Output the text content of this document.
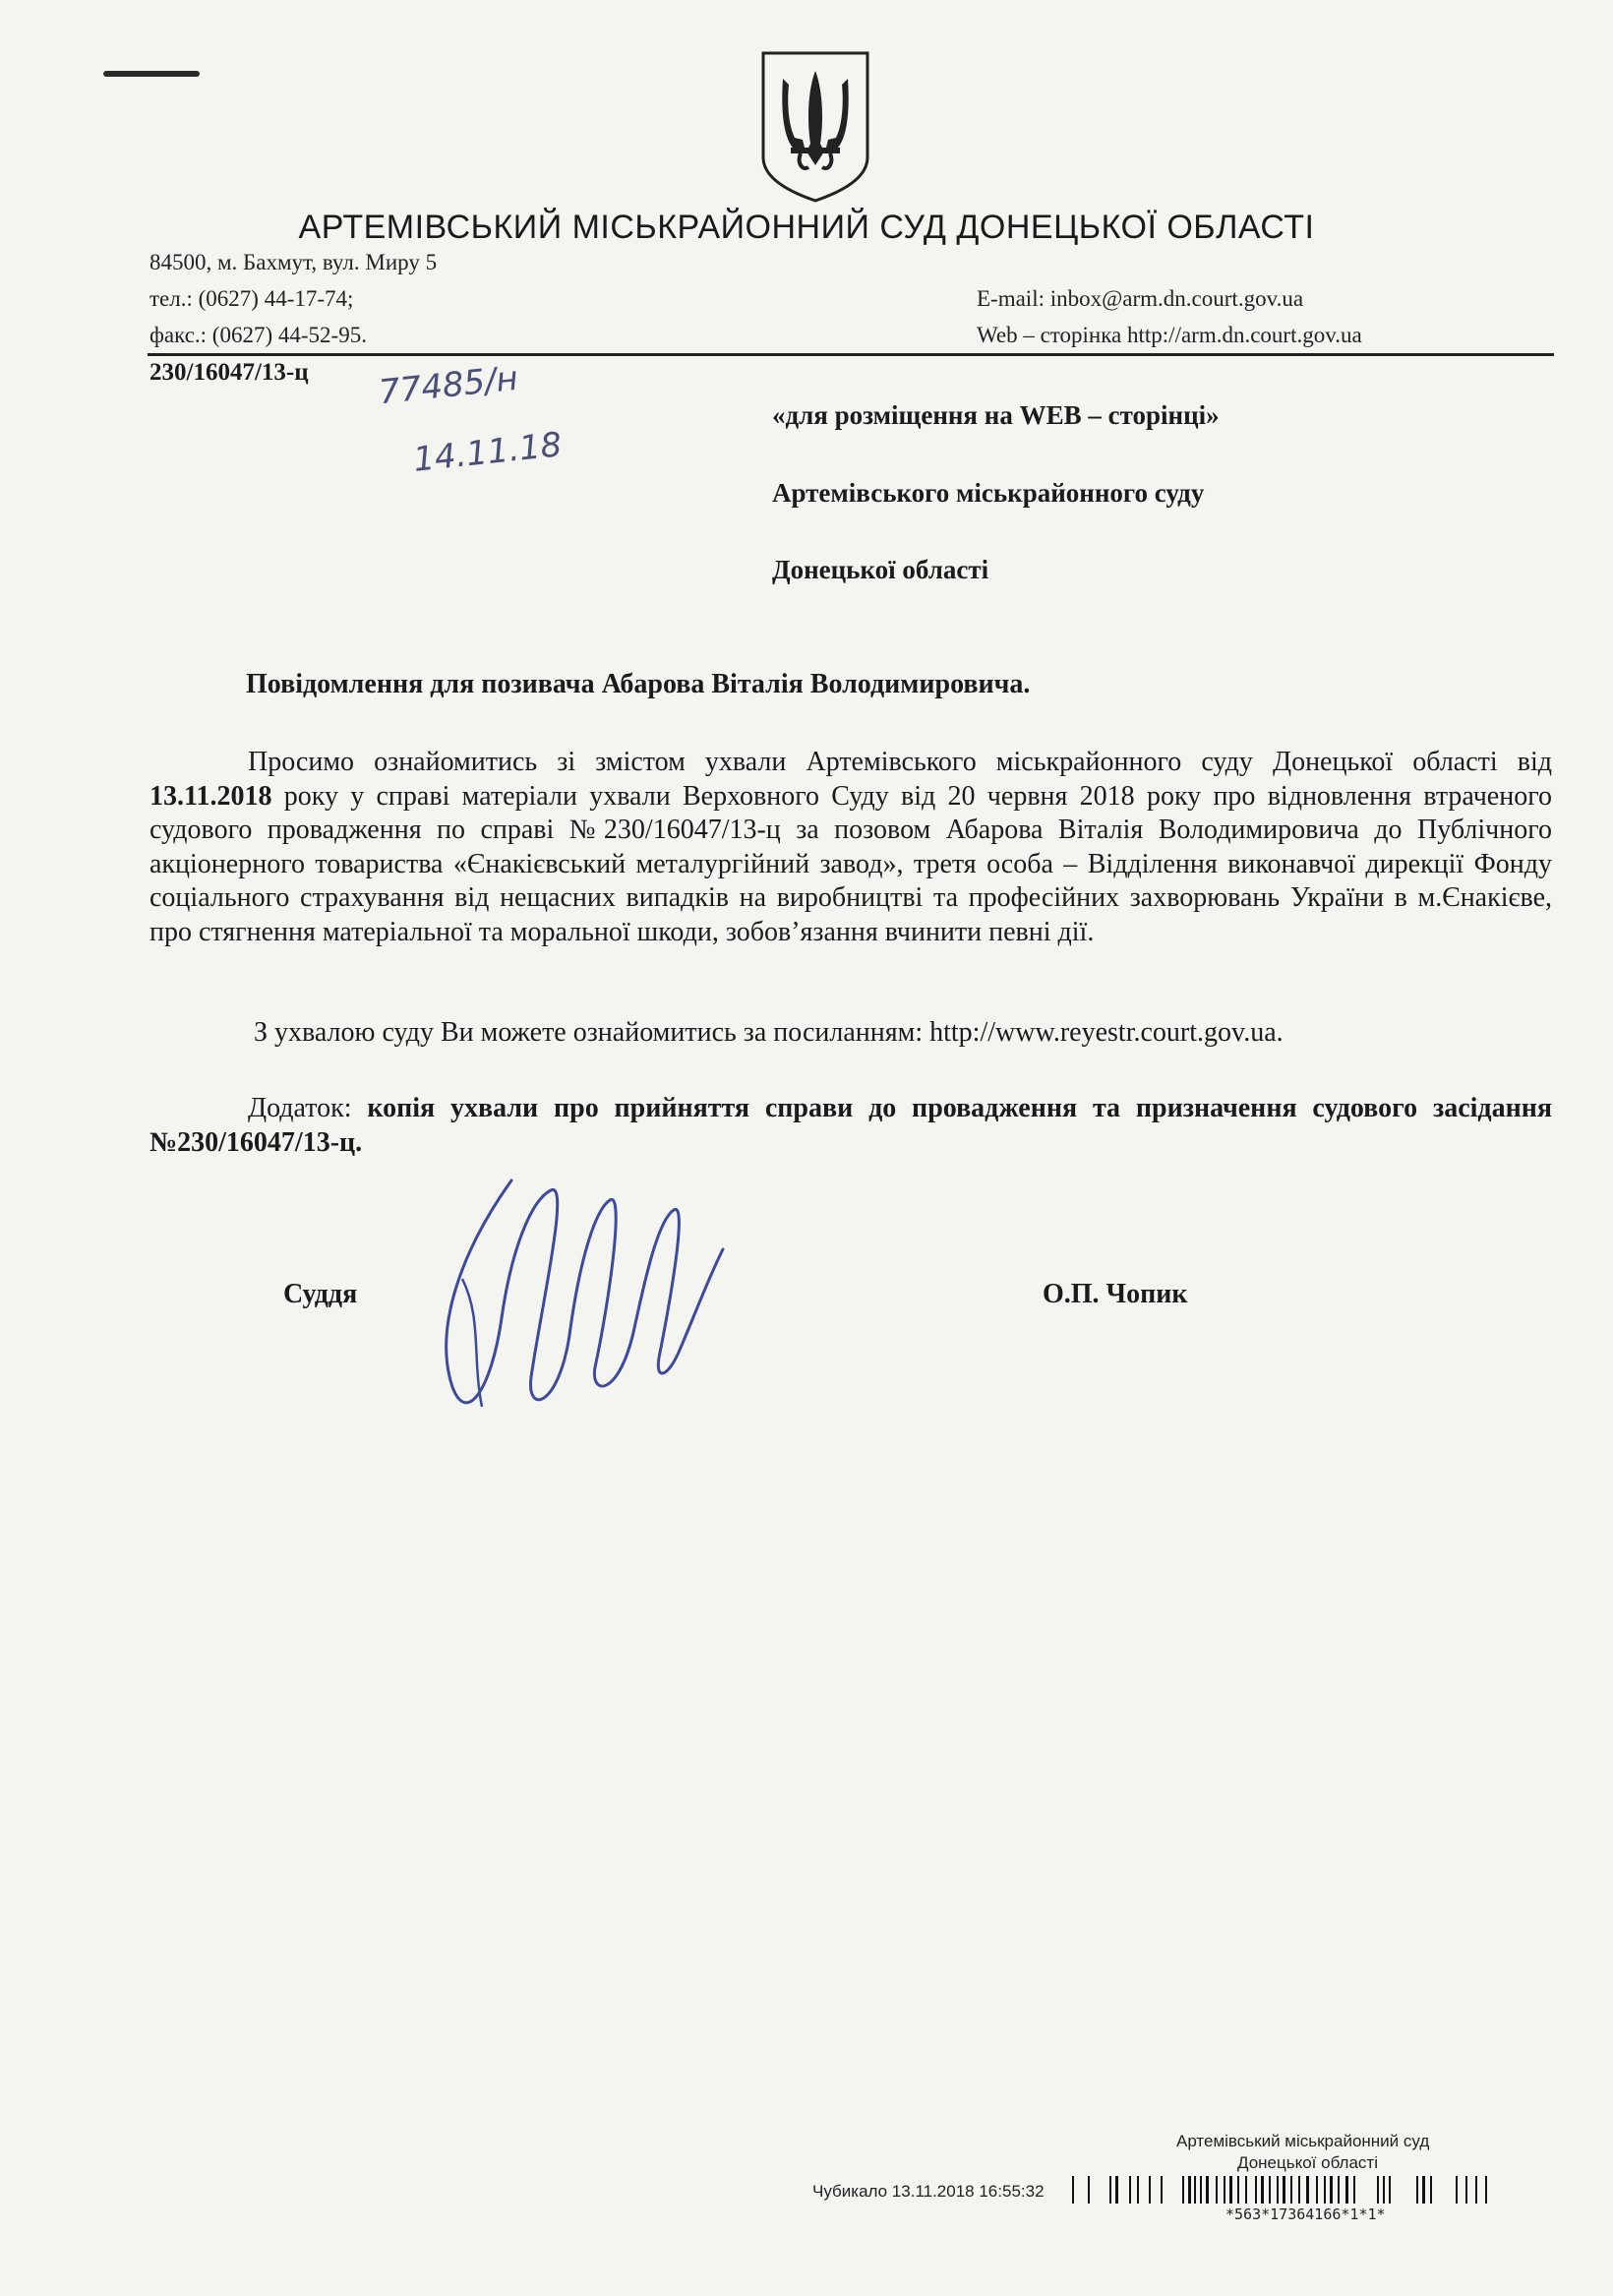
АРТЕМІВСЬКИЙ МІСЬКРАЙОННИЙ СУД ДОНЕЦЬКОЇ ОБЛАСТІ
84500, м. Бахмут, вул. Миру 5
тел.: (0627) 44-17-74;
факс.: (0627) 44-52-95.
E-mail: inbox@arm.dn.court.gov.ua
Web – сторінка http://arm.dn.court.gov.ua
230/16047/13-ц 77485/н
14.11.18
«для розміщення на WEB – сторінці»
Артемівського міськрайонного суду
Донецької області
Повідомлення для позивача Абарова Віталія Володимировича.
Просимо ознайомитись зі змістом ухвали Артемівського міськрайонного суду Донецької області від 13.11.2018 року у справі матеріали ухвали Верховного Суду від 20 червня 2018 року про відновлення втраченого судового провадження по справі №230/16047/13-ц за позовом Абарова Віталія Володимировича до Публічного акціонерного товариства «Єнакієвський металургійний завод», третя особа – Відділення виконавчої дирекції Фонду соціального страхування від нещасних випадків на виробництві та професійних захворювань України в м.Єнакієве, про стягнення матеріальної та моральної шкоди, зобов’язання вчинити певні дії.
З ухвалою суду Ви можете ознайомитись за посиланням: http://www.reyestr.court.gov.ua.
Додаток: копія ухвали про прийняття справи до провадження та призначення судового засідання №230/16047/13-ц.
Суддя	О.П. Чопик
Артемівський міськрайонний суд
Донецької області
Чубикало 13.11.2018 16:55:32
*563*17364166*1*1*
